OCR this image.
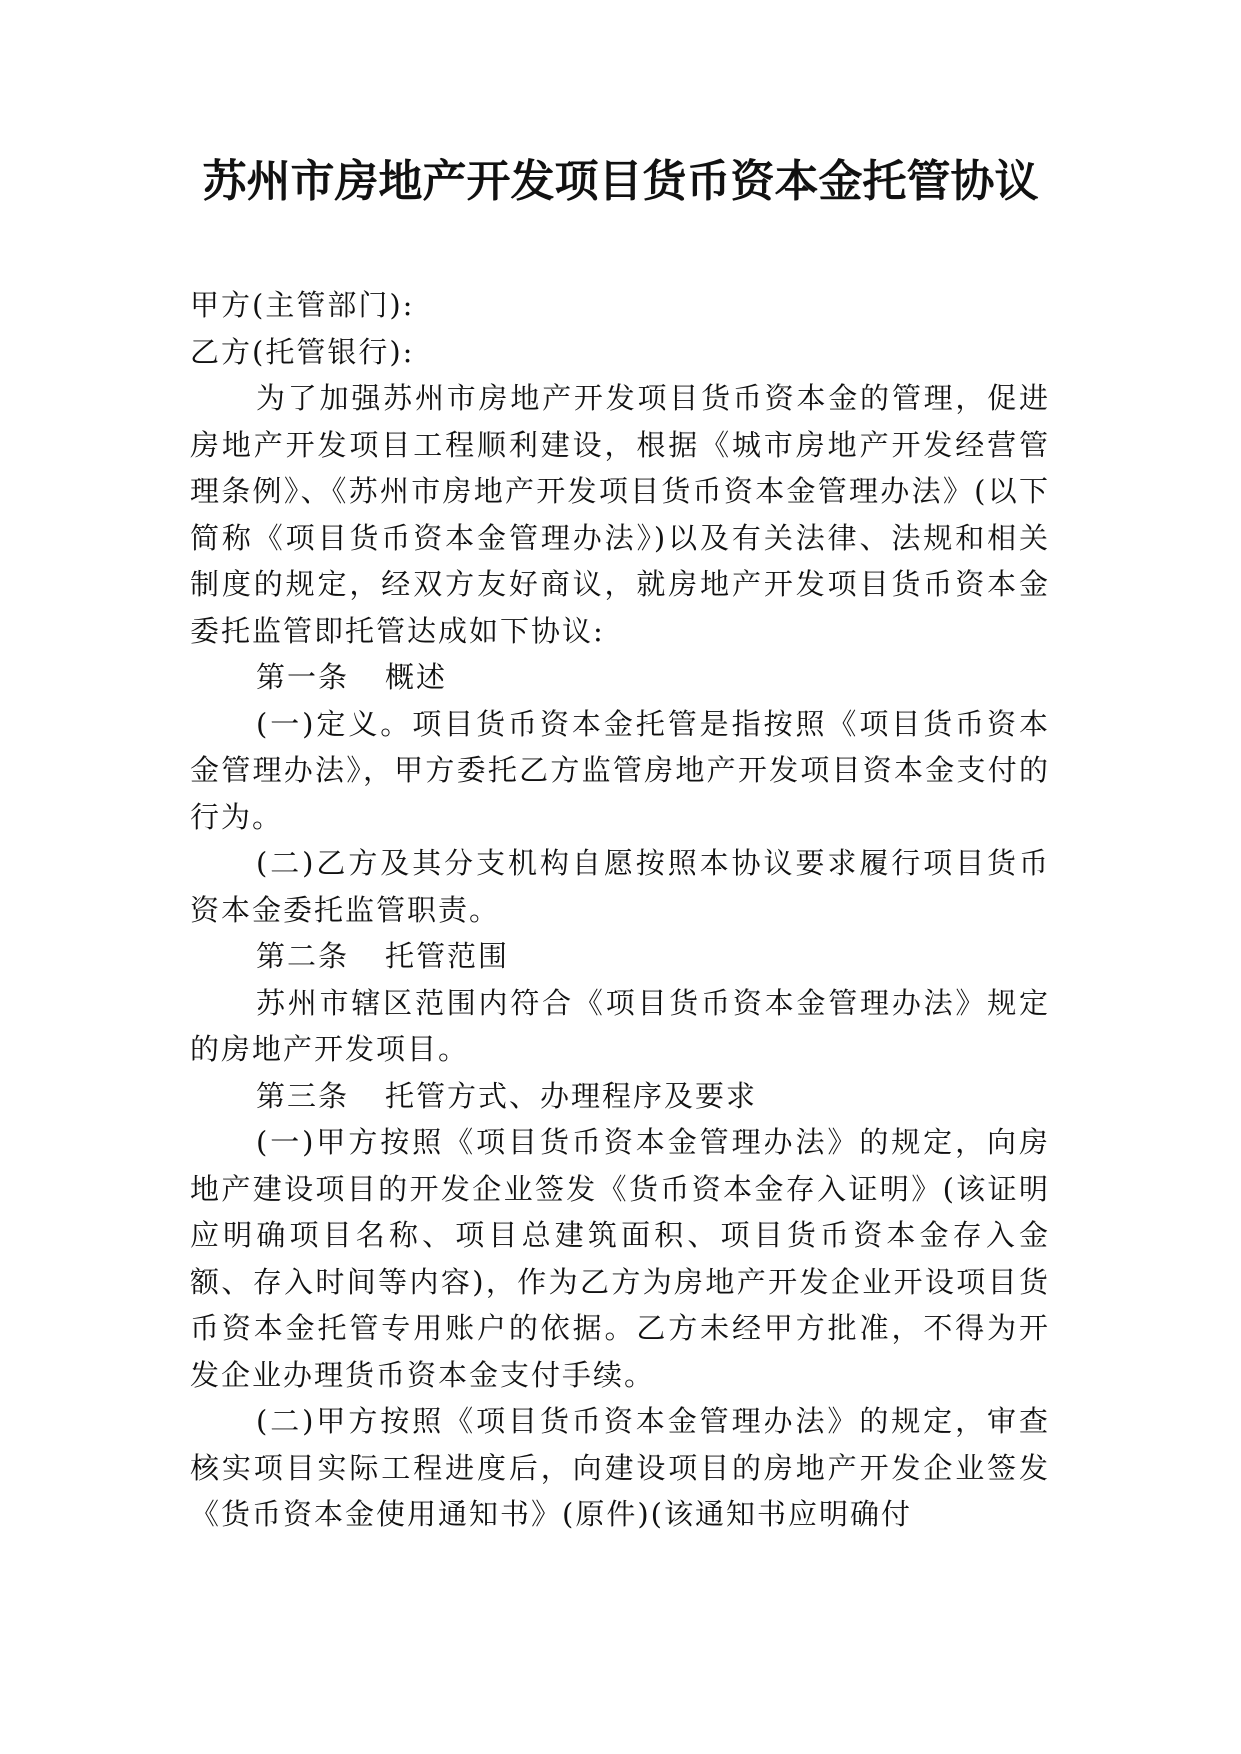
苏州市房地产开发项目货币资本金托管协议

甲方(主管部门):

乙方(托管银行):

为了加强苏州市房地产开发项目货币资本金的管理，促进房地产开发项目工程顺利建设，根据《城市房地产开发经营管理条例》、《苏州市房地产开发项目货币资本金管理办法》(以下简称《项目货币资本金管理办法》)以及有关法律、法规和相关制度的规定，经双方友好商议，就房地产开发项目货币资本金委托监管即托管达成如下协议:

第一条 概述

(一)定义。项目货币资本金托管是指按照《项目货币资本金管理办法》，甲方委托乙方监管房地产开发项目资本金支付的行为。

(二)乙方及其分支机构自愿按照本协议要求履行项目货币资本金委托监管职责。

第二条 托管范围

苏州市辖区范围内符合《项目货币资本金管理办法》规定的房地产开发项目。

第三条 托管方式、办理程序及要求

(一)甲方按照《项目货币资本金管理办法》的规定，向房地产建设项目的开发企业签发《货币资本金存入证明》(该证明应明确项目名称、项目总建筑面积、项目货币资本金存入金额、存入时间等内容)，作为乙方为房地产开发企业开设项目货币资本金托管专用账户的依据。乙方未经甲方批准，不得为开发企业办理货币资本金支付手续。

(二)甲方按照《项目货币资本金管理办法》的规定，审查核实项目实际工程进度后，向建设项目的房地产开发企业签发《货币资本金使用通知书》(原件)(该通知书应明确付
